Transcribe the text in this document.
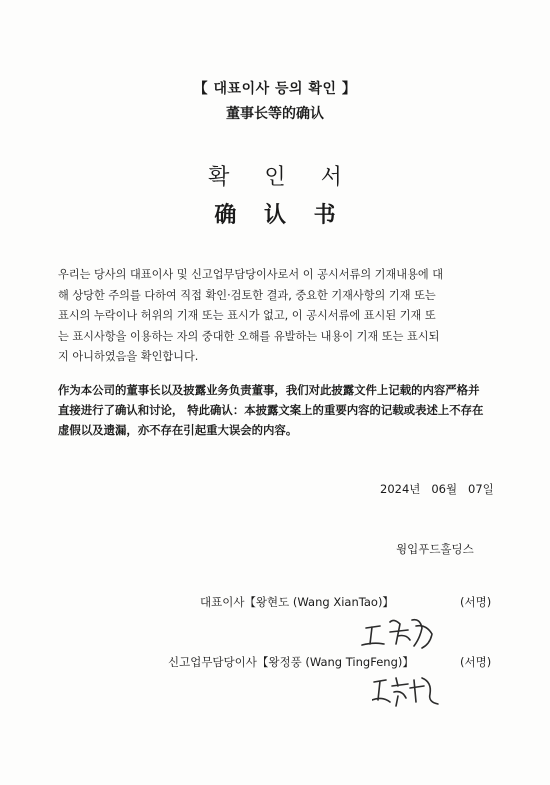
【 대표이사 등의 확인 】
董事长等的确认
확 인 서
确 认 书
우리는 당사의 대표이사 및 신고업무담당이사로서 이 공시서류의 기재내용에 대
해 상당한 주의를 다하여 직접 확인·검토한 결과, 중요한 기재사항의 기재 또는
표시의 누락이나 허위의 기재 또는 표시가 없고, 이 공시서류에 표시된 기재 또
는 표시사항을 이용하는 자의 중대한 오해를 유발하는 내용이 기재 또는 표시되
지 아니하였음을 확인합니다.
作为本公司的董事长以及披露业务负责董事，我们对此披露文件上记载的内容严格并
直接进行了确认和讨论， 特此确认：本披露文案上的重要内容的记载或表述上不存在
虚假以及遗漏，亦不存在引起重大误会的内容。
2024년   06월   07일
윙입푸드홀딩스
대표이사【왕현도 (Wang XianTao)】	(서명)
신고업무담당이사【왕정풍 (Wang TingFeng)】	(서명)
